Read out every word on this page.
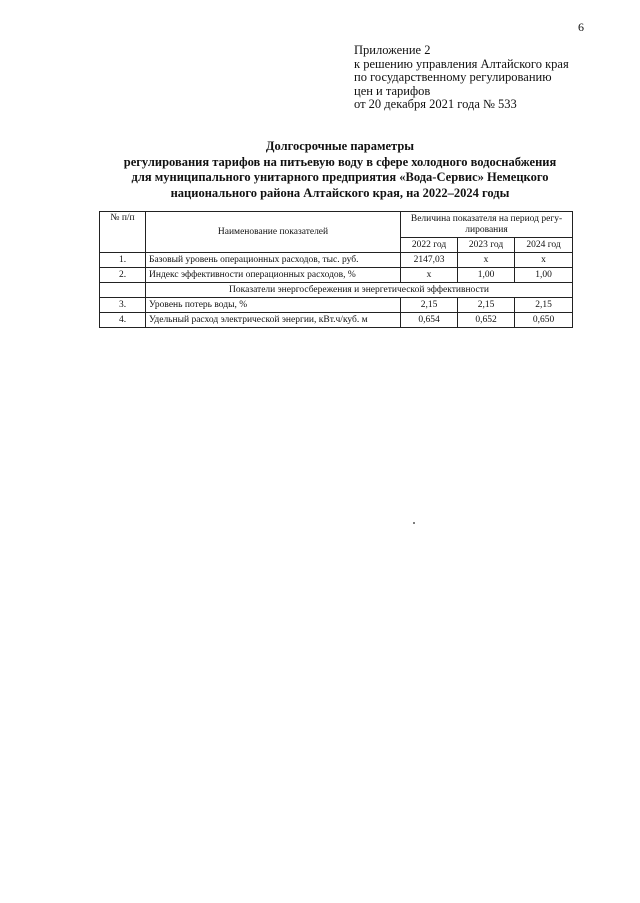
6
Приложение 2
к решению управления Алтайского края
по государственному регулированию
цен и тарифов
от 20 декабря 2021 года № 533
Долгосрочные параметры
регулирования тарифов на питьевую воду в сфере холодного водоснабжения
для муниципального унитарного предприятия «Вода-Сервис» Немецкого
национального района Алтайского края, на 2022–2024 годы
№ п/п	Наименование показателей	Величина показателя на период регу-лирования		
		2022 год	2023 год	2024 год
1.	Базовый уровень операционных расходов, тыс. руб.	2147,03	х	х
2.	Индекс эффективности операционных расходов, %	х	1,00	1,00
	Показатели энергосбережения и энергетической эффективности			
3.	Уровень потерь воды, %	2,15	2,15	2,15
4.	Удельный расход электрической энергии, кВт.ч/куб. м	0,654	0,652	0,650
